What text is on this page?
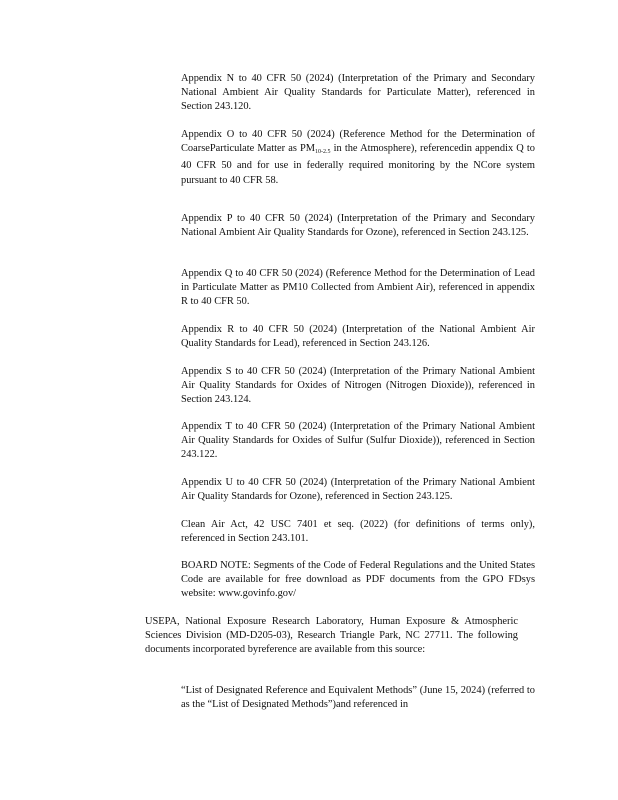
Appendix N to 40 CFR 50 (2024) (Interpretation of the Primary and Secondary National Ambient Air Quality Standards for Particulate Matter), referenced in Section 243.120.

Appendix O to 40 CFR 50 (2024) (Reference Method for the Determination of CoarseParticulate Matter as $PM_{10-2.5}$ in the Atmosphere), referencedin appendix Q to 40 CFR 50 and for use in federally required monitoring by the NCore system pursuant to 40 CFR 58.

Appendix P to 40 CFR 50 (2024) (Interpretation of the Primary and Secondary National Ambient Air Quality Standards for Ozone), referenced in Section 243.125.

Appendix Q to 40 CFR 50 (2024) (Reference Method for the Determination of Lead in Particulate Matter as PM10 Collected from Ambient Air), referenced in appendix R to 40 CFR 50.

Appendix R to 40 CFR 50 (2024) (Interpretation of the National Ambient Air Quality Standards for Lead), referenced in Section 243.126.

Appendix S to 40 CFR 50 (2024) (Interpretation of the Primary National Ambient Air Quality Standards for Oxides of Nitrogen (Nitrogen Dioxide)), referenced in Section 243.124.

Appendix T to 40 CFR 50 (2024) (Interpretation of the Primary National Ambient Air Quality Standards for Oxides of Sulfur (Sulfur Dioxide)), referenced in Section 243.122.

Appendix U to 40 CFR 50 (2024) (Interpretation of the Primary National Ambient Air Quality Standards for Ozone), referenced in Section 243.125.

Clean Air Act, 42 USC 7401 et seq. (2022) (for definitions of terms only), referenced in Section 243.101.

BOARD NOTE: Segments of the Code of Federal Regulations and the United States Code are available for free download as PDF documents from the GPO FDsys website: www.govinfo.gov/

USEPA, National Exposure Research Laboratory, Human Exposure & Atmospheric Sciences Division (MD-D205-03), Research Triangle Park, NC 27711. The following documents incorporated byreference are available from this source:

“List of Designated Reference and Equivalent Methods” (June 15, 2024) (referred to as the “List of Designated Methods”)and referenced in
